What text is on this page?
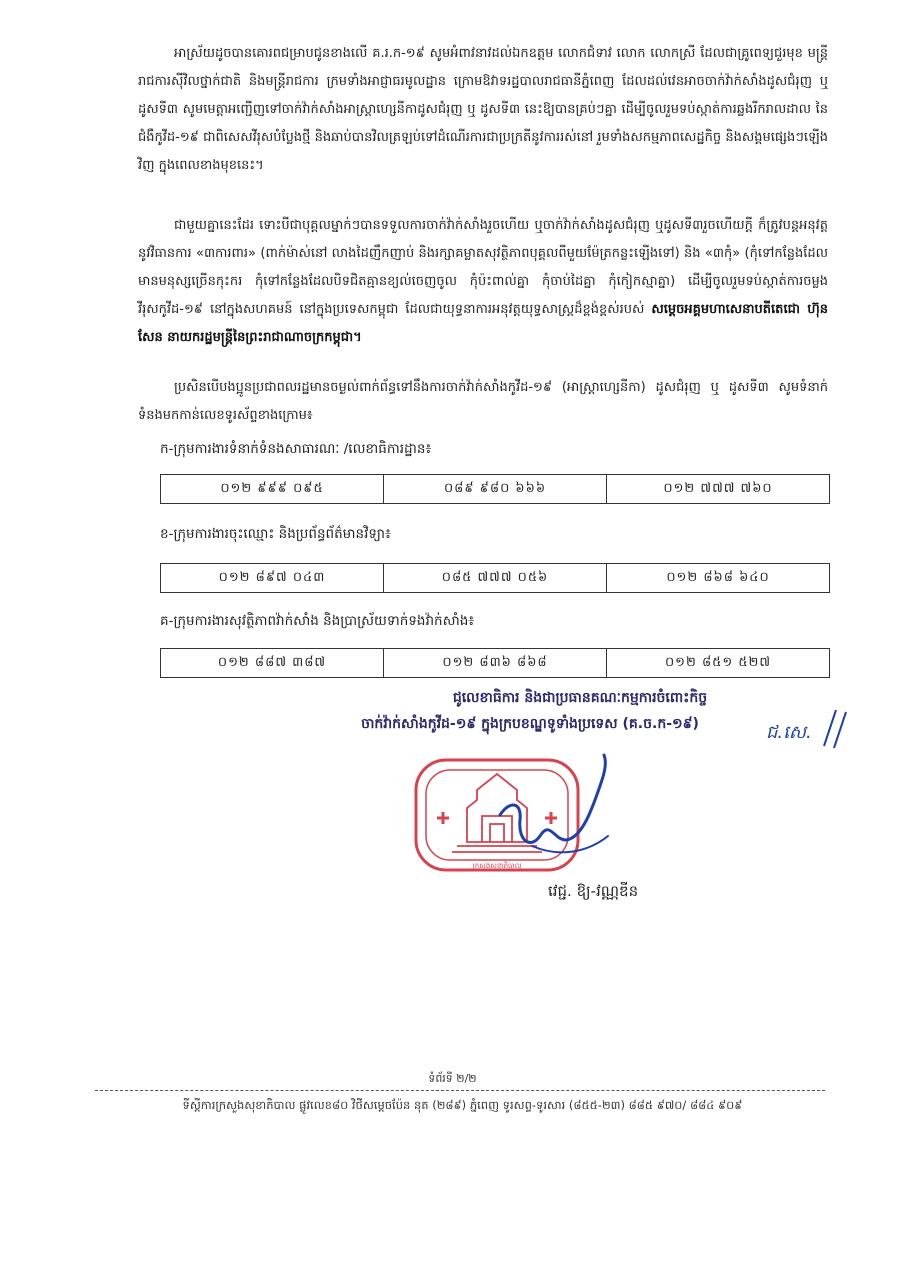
អាស្រ័យដូចបានគោរពជម្រាបជូនខាងលើ គ.រ.ក-១៩ សូមអំពាវនាវដល់ឯកឧត្តម លោកជំទាវ លោក លោកស្រី ដែលជាគ្រូពេទ្យជួរមុខ មន្ត្រីរាជការស៊ីវិលថ្នាក់ជាតិ និងមន្ត្រីរាជការ ក្រមទាំងអាជ្ញាធរមូលដ្ឋាន ក្រោមឱវាទរដ្ឋបាលរាជធានីភ្នំពេញ ដែលដល់វេនអាចចាក់វ៉ាក់សាំងដូសជំរុញ ឬ ដូសទី៣ សូមមេត្តាអញ្ជើញទៅចាក់វ៉ាក់សាំងអាស្ត្រាហ្សេនីកាដូសជំរុញ ឬ ដូសទី៣ នេះឱ្យបានគ្រប់ៗគ្នា ដើម្បីចូលរួមទប់ស្កាត់ការឆ្លងរីករាលដាល នៃជំងឺកូវីដ-១៩ ជាពិសេសវីរុសបំប្លែងថ្មី និងឆាប់បានវិលត្រឡប់ទៅដំណើរការជាប្រក្រតីនូវការរស់នៅ រួមទាំងសកម្មភាពសេដ្ឋកិច្ច និងសង្គមផ្សេងៗឡើងវិញ ក្នុងពេលខាងមុខនេះ។

ជាមួយគ្នានេះដែរ ទោះបីជាបុគ្គលម្នាក់ៗបានទទួលការចាក់វ៉ាក់សាំងរួចហើយ ឬចាក់វ៉ាក់សាំងដូសជំរុញ ឬដូសទី៣រួចហើយក្តី ក៏ត្រូវបន្តអនុវត្តនូវវិធានការ «៣ការពារ» (ពាក់ម៉ាស់នៅ លាងដៃញឹកញាប់ និងរក្សាគម្លាតសុវត្ថិភាពបុគ្គលពីមួយម៉ែត្រកន្លះឡើងទៅ) និង «៣កុំ» (កុំទៅកន្លែងដែលមានមនុស្សច្រើនកុះករ កុំទៅកន្លែងដែលបិទជិតគ្មានខ្យល់ចេញចូល កុំប៉ះពាល់គ្នា កុំចាប់ដៃគ្នា កុំកៀកស្មាគ្នា) ដើម្បីចូលរួមទប់ស្កាត់ការចម្លងវីរុសកូវីដ-១៩ នៅក្នុងសហគមន៍ នៅក្នុងប្រទេសកម្ពុជា ដែលជាយុទ្ធនាការអនុវត្តយុទ្ធសាស្ត្រដ៏ខ្ពង់ខ្ពស់របស់ សម្តេចអគ្គមហាសេនាបតីតេជោ ហ៊ុន សែន នាយករដ្ឋមន្ត្រីនៃព្រះរាជាណាចក្រកម្ពុជា។

ប្រសិនបើបងប្អូនប្រជាពលរដ្ឋមានចម្ងល់ពាក់ព័ន្ធទៅនឹងការចាក់វ៉ាក់សាំងកូវីដ-១៩ (អាស្ត្រាហ្សេនីកា) ដូសជំរុញ ឬ ដូសទី៣ សូមទំនាក់ទំនងមកកាន់លេខទូរស័ព្ទខាងក្រោម៖

ក-ក្រុមការងារទំនាក់ទំនងសាធារណៈ /លេខាធិការដ្ឋាន៖
០១២ ៩៩៩ ០៩៥	០៨៩ ៩៨០ ៦៦៦	០១២ ៧៧៧ ៧៦០
ខ-ក្រុមការងារចុះឈ្មោះ និងប្រព័ន្ធព័ត៌មានវិទ្យា៖
០១២ ៨៩៧ ០៤៣	០៨៥ ៧៧៧ ០៥៦	០១២ ៨៦៨ ៦៤០
គ-ក្រុមការងារសុវត្ថិភាពវ៉ាក់សាំង និងប្រាស្រ័យទាក់ទងវ៉ាក់សាំង៖
០១២ ៨៨៧ ៣៨៧	០១២ ៨៣៦ ៨៦៨	០១២ ៨៥១ ៥២៧
ជូលេខាធិការ និងជាប្រធានគណៈកម្មការចំពោះកិច្ច
ចាក់វ៉ាក់សាំងកូវីដ-១៩ ក្នុងក្របខណ្ឌទូទាំងប្រទេស (គ.ច.ក-១៩)	ជ.សេ.
ក្រសួងសុខាភិបាល
វេជ្ជ. ឱ្យ-វណ្ណឌីន
ទំព័រទី ២/២
ទីស្តីការក្រសួងសុខាភិបាល ផ្លូវលេខ៨០ វិថីសម្តេចប៉ែន នុត (២៨៩) ភ្នំពេញ ទូរសព្ទ-ទូរសារ (៨៥៥-២៣) ៨៨៥ ៩៧០/ ៨៨៤ ៩០៩
